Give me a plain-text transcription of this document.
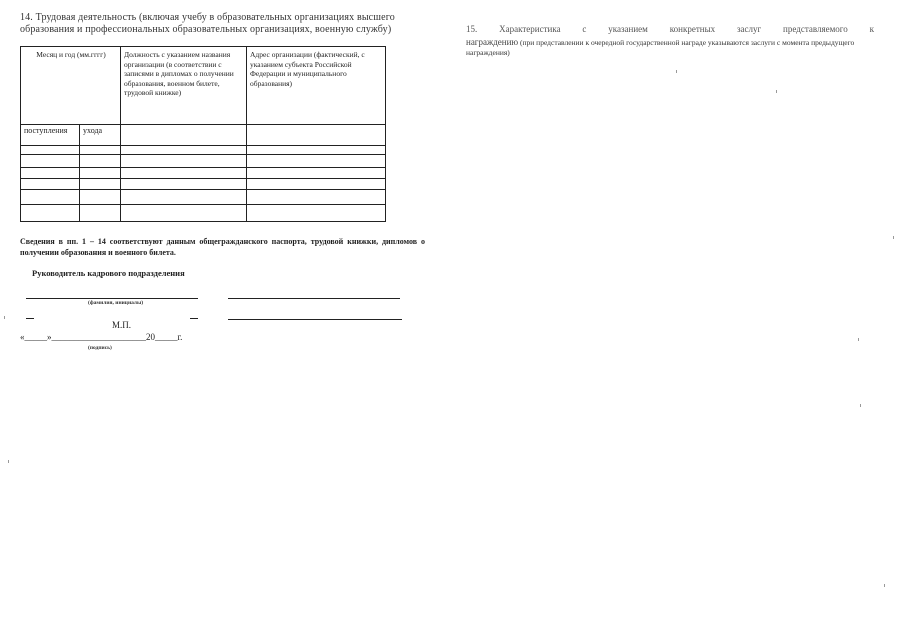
14. Трудовая деятельность (включая учебу в образовательных организациях высшего образования и профессиональных образовательных организациях, военную службу)
Месяц и год (мм.гггг)	Должность с указанием названия организации (в соответствии с записями в дипломах о получении образования, военном билете, трудовой книжке)
Адрес организации (фактический, с указанием субъекта Российской Федерации и муниципального образования)
поступления	ухода
Сведения в пп. 1 – 14 соответствуют данным общегражданского паспорта, трудовой книжки, дипломов о получении образования и военного билета.
Руководитель кадрового подразделения
(фамилия, инициалы)
М.П.
«_____»_____________________20_____г.
(подпись)
15. Характеристика с указанием конкретных заслуг представляемого к
награждению (при представлении к очередной государственной награде указываются заслуги с момента предыдущего награждения)
